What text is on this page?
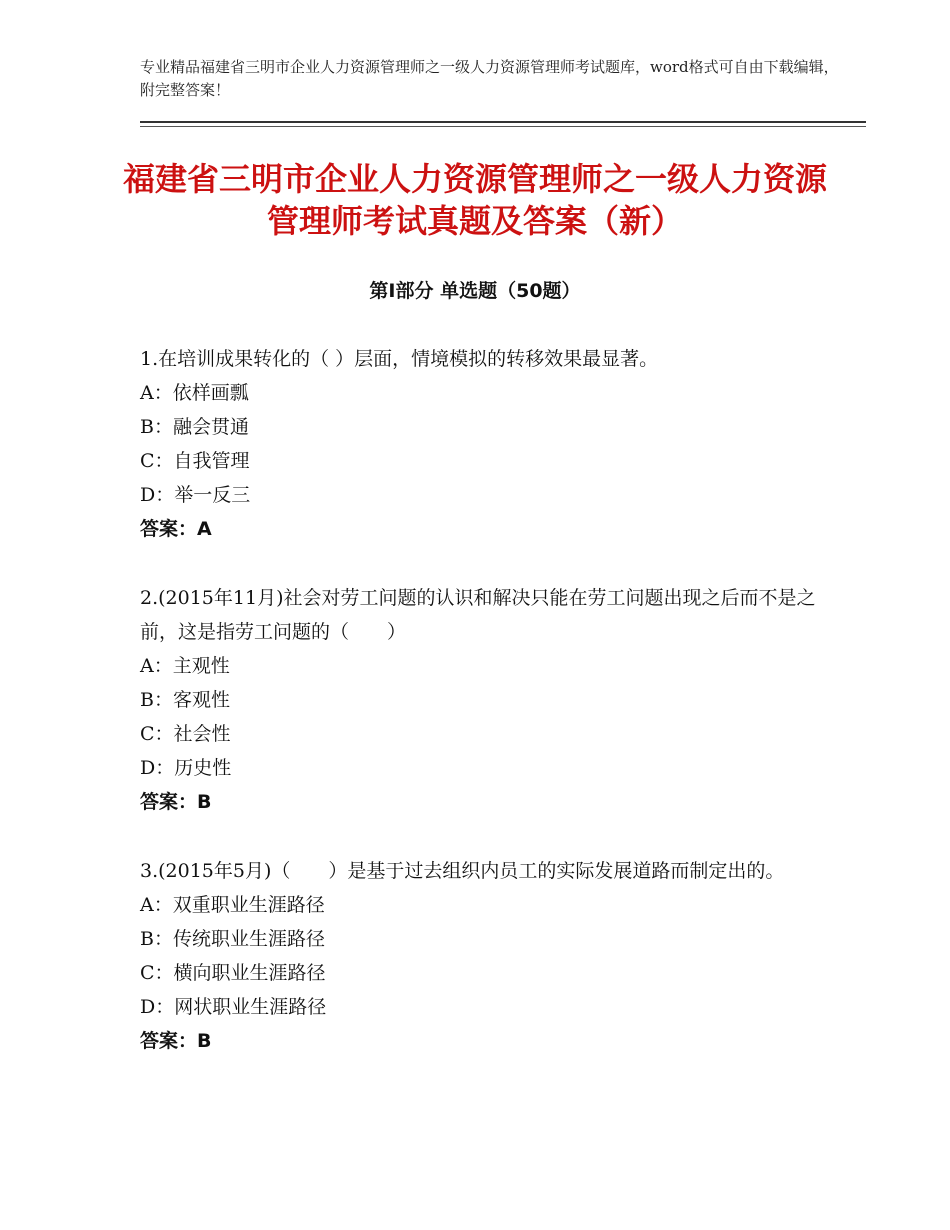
专业精品福建省三明市企业人力资源管理师之一级人力资源管理师考试题库，word格式可自由下载编辑，附完整答案！
福建省三明市企业人力资源管理师之一级人力资源管理师考试真题及答案（新）
第Ⅰ部分 单选题（50题）

1.在培训成果转化的（ ）层面，情境模拟的转移效果最显著。

A：依样画瓢

B：融会贯通

C：自我管理

D：举一反三

答案：A

2.(2015年11月)社会对劳工问题的认识和解决只能在劳工问题出现之后而不是之前，这是指劳工问题的（　　）

A：主观性

B：客观性

C：社会性

D：历史性

答案：B

3.(2015年5月)（　　）是基于过去组织内员工的实际发展道路而制定出的。

A：双重职业生涯路径

B：传统职业生涯路径

C：横向职业生涯路径

D：网状职业生涯路径

答案：B
